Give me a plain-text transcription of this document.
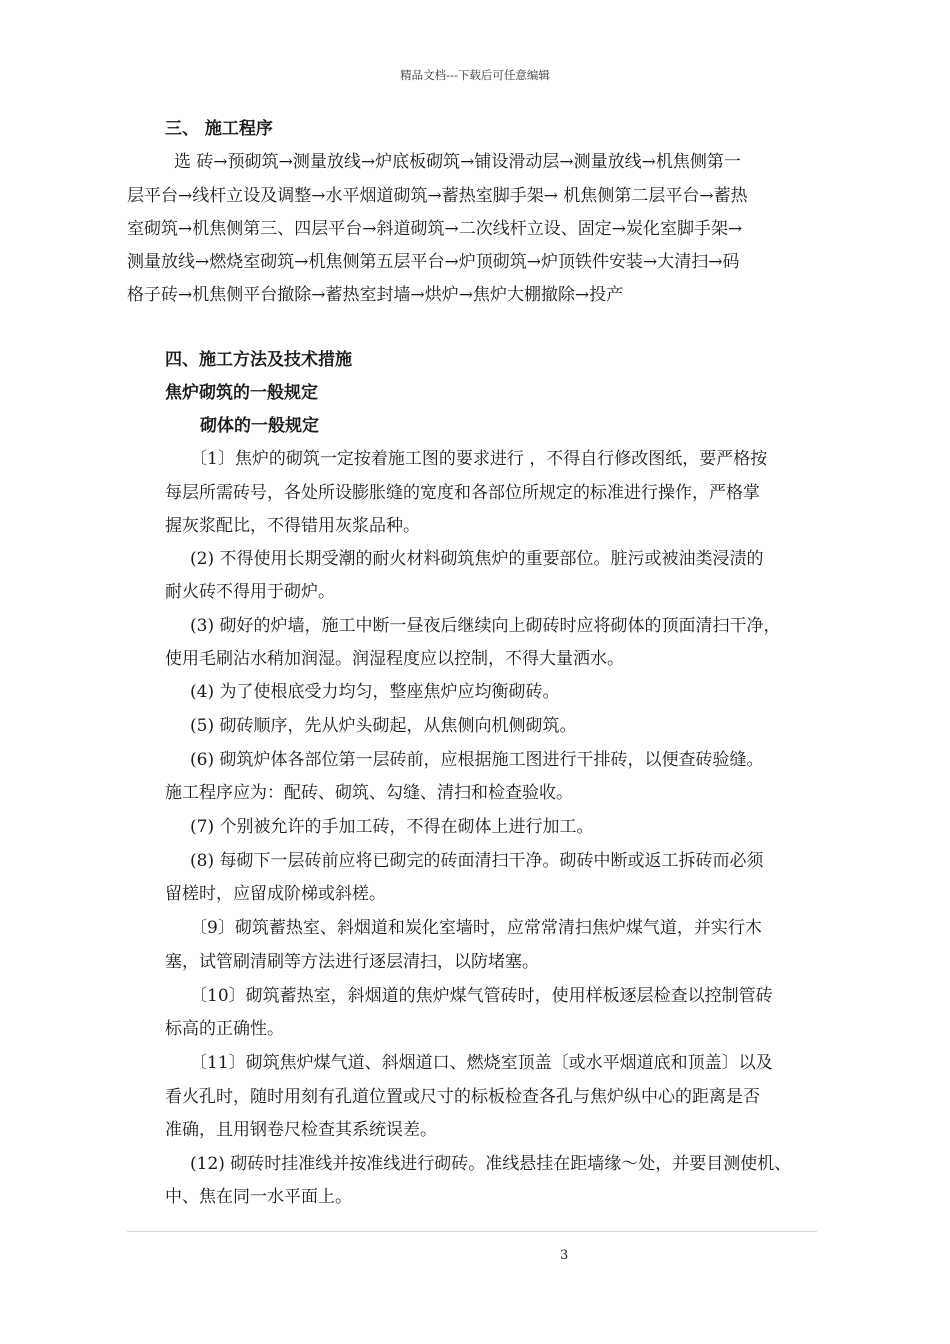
精品文档---下载后可任意编辑
三、 施工程序
选 砖→预砌筑→测量放线→炉底板砌筑→铺设滑动层→测量放线→机焦侧第一
层平台→线杆立设及调整→水平烟道砌筑→蓄热室脚手架→ 机焦侧第二层平台→蓄热
室砌筑→机焦侧第三、四层平台→斜道砌筑→二次线杆立设、固定→炭化室脚手架→
测量放线→燃烧室砌筑→机焦侧第五层平台→炉顶砌筑→炉顶铁件安装→大清扫→码
格子砖→机焦侧平台撤除→蓄热室封墙→烘炉→焦炉大棚撤除→投产
四、施工方法及技术措施
焦炉砌筑的一般规定
砌体的一般规定
〔1〕焦炉的砌筑一定按着施工图的要求进行 ，不得自行修改图纸，要严格按
每层所需砖号，各处所设膨胀缝的宽度和各部位所规定的标准进行操作，严格掌
握灰浆配比，不得错用灰浆品种。
(2) 不得使用长期受潮的耐火材料砌筑焦炉的重要部位。脏污或被油类浸渍的
耐火砖不得用于砌炉。
(3) 砌好的炉墙，施工中断一昼夜后继续向上砌砖时应将砌体的顶面清扫干净，
使用毛刷沾水稍加润湿。润湿程度应以控制，不得大量洒水。
(4) 为了使根底受力均匀，整座焦炉应均衡砌砖。
(5) 砌砖顺序，先从炉头砌起，从焦侧向机侧砌筑。
(6) 砌筑炉体各部位第一层砖前，应根据施工图进行干排砖，以便查砖验缝。
施工程序应为：配砖、砌筑、勾缝、清扫和检查验收。
(7) 个别被允许的手加工砖，不得在砌体上进行加工。
(8) 每砌下一层砖前应将已砌完的砖面清扫干净。砌砖中断或返工拆砖而必须
留槎时，应留成阶梯或斜槎。
〔9〕砌筑蓄热室、斜烟道和炭化室墙时，应常常清扫焦炉煤气道，并实行木
塞，试管刷清刷等方法进行逐层清扫，以防堵塞。
〔10〕砌筑蓄热室，斜烟道的焦炉煤气管砖时，使用样板逐层检查以控制管砖
标高的正确性。
〔11〕砌筑焦炉煤气道、斜烟道口、燃烧室顶盖〔或水平烟道底和顶盖〕以及
看火孔时，随时用刻有孔道位置或尺寸的标板检查各孔与焦炉纵中心的距离是否
准确，且用钢卷尺检查其系统误差。
(12) 砌砖时挂准线并按准线进行砌砖。准线悬挂在距墙缘～处，并要目测使机、
中、焦在同一水平面上。
3
